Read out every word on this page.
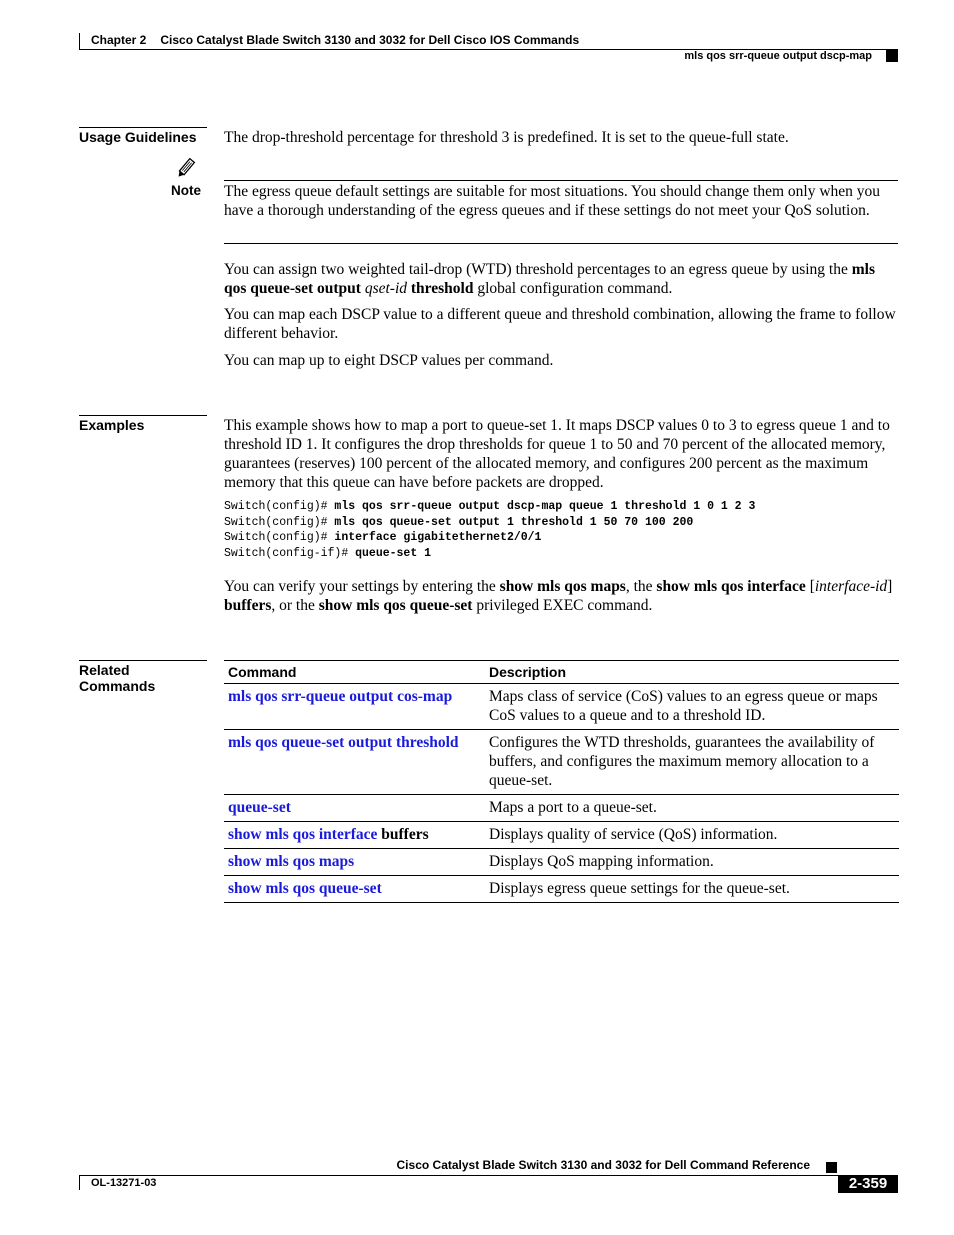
Chapter 2 Cisco Catalyst Blade Switch 3130 and 3032 for Dell Cisco IOS Commands
mls qos srr-queue output dscp-map
Usage Guidelines	The drop-threshold percentage for threshold 3 is predefined. It is set to the queue-full state.
Note The egress queue default settings are suitable for most situations. You should change them only when you have a thorough understanding of the egress queues and if these settings do not meet your QoS solution.
You can assign two weighted tail-drop (WTD) threshold percentages to an egress queue by using the mls qos queue-set output qset-id threshold global configuration command.
You can map each DSCP value to a different queue and threshold combination, allowing the frame to follow different behavior.
You can map up to eight DSCP values per command.
Examples	This example shows how to map a port to queue-set 1. It maps DSCP values 0 to 3 to egress queue 1 and to threshold ID 1. It configures the drop thresholds for queue 1 to 50 and 70 percent of the allocated memory, guarantees (reserves) 100 percent of the allocated memory, and configures 200 percent as the maximum memory that this queue can have before packets are dropped.
Switch(config)# mls qos srr-queue output dscp-map queue 1 threshold 1 0 1 2 3
Switch(config)# mls qos queue-set output 1 threshold 1 50 70 100 200
Switch(config)# interface gigabitethernet2/0/1
Switch(config-if)# queue-set 1
You can verify your settings by entering the show mls qos maps, the show mls qos interface [interface-id] buffers, or the show mls qos queue-set privileged EXEC command.
Related Commands
Command	Description
mls qos srr-queue output cos-map	Maps class of service (CoS) values to an egress queue or maps CoS values to a queue and to a threshold ID.
mls qos queue-set output threshold	Configures the WTD thresholds, guarantees the availability of buffers, and configures the maximum memory allocation to a queue-set.
queue-set	Maps a port to a queue-set.
show mls qos interface buffers	Displays quality of service (QoS) information.
show mls qos maps	Displays QoS mapping information.
show mls qos queue-set	Displays egress queue settings for the queue-set.
Cisco Catalyst Blade Switch 3130 and 3032 for Dell Command Reference
OL-13271-03	2-359
